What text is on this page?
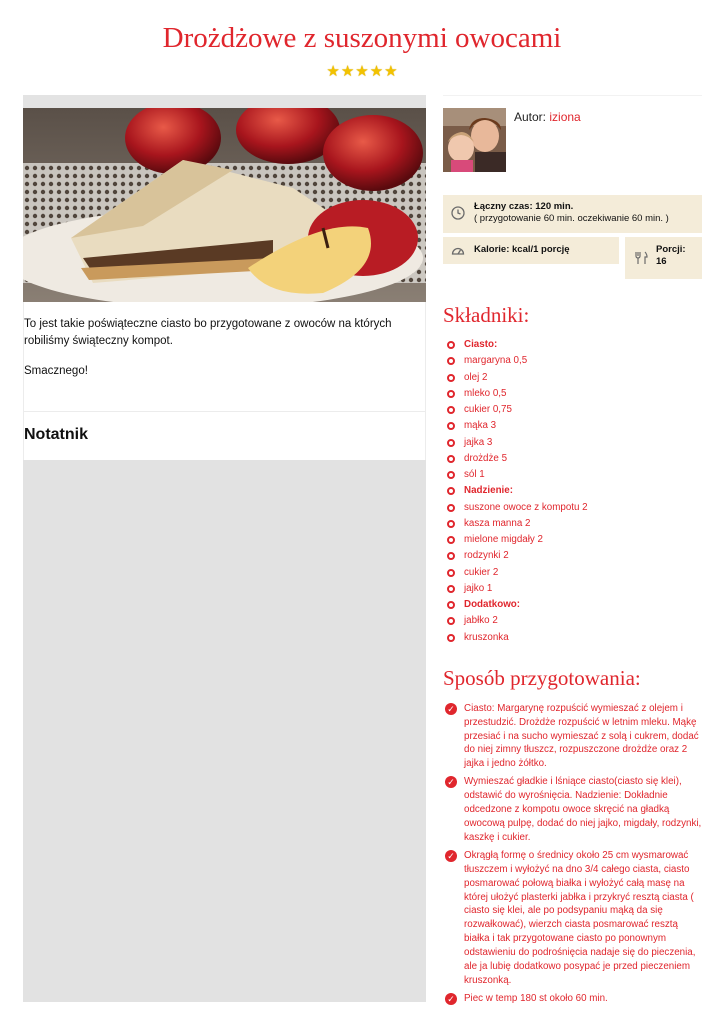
Drożdżowe z suszonymi owocami
★★★★★

To jest takie poświąteczne ciasto bo przygotowane z owoców na których robiliśmy świąteczny kompot.

Smacznego!

Notatnik
Autor: iziona
Łączny czas: 120 min.
( przygotowanie 60 min. oczekiwanie 60 min. )
Kalorie: kcal/1 porcję	Porcji:
16
Składniki:
Ciasto:
margaryna 0,5
olej 2
mleko 0,5
cukier 0,75
mąka 3
jajka 3
drożdże 5
sól 1
Nadzienie:
suszone owoce z kompotu 2
kasza manna 2
mielone migdały 2
rodzynki 2
cukier 2
jajko 1
Dodatkowo:
jabłko 2
kruszonka
Sposób przygotowania:
✓ Ciasto: Margarynę rozpuścić wymieszać z olejem i przestudzić. Drożdże rozpuścić w letnim mleku. Mąkę przesiać i na sucho wymieszać z solą i cukrem, dodać do niej zimny tłuszcz, rozpuszczone drożdże oraz 2 jajka i jedno żółtko.
✓ Wymieszać gładkie i lśniące ciasto(ciasto się klei), odstawić do wyrośnięcia. Nadzienie: Dokładnie odcedzone z kompotu owoce skręcić na gładką owocową pulpę, dodać do niej jajko, migdały, rodzynki, kaszkę i cukier.
✓ Okrągłą formę o średnicy około 25 cm wysmarować tłuszczem i wyłożyć na dno 3/4 całego ciasta, ciasto posmarować połową białka i wyłożyć całą masę na której ułożyć plasterki jabłka i przykryć resztą ciasta ( ciasto się klei, ale po podsypaniu mąką da się rozwałkować), wierzch ciasta posmarować resztą białka i tak przygotowane ciasto po ponownym odstawieniu do podrośnięcia nadaje się do pieczenia, ale ja lubię dodatkowo posypać je przed pieczeniem kruszonką.
✓ Piec w temp 180 st około 60 min.
